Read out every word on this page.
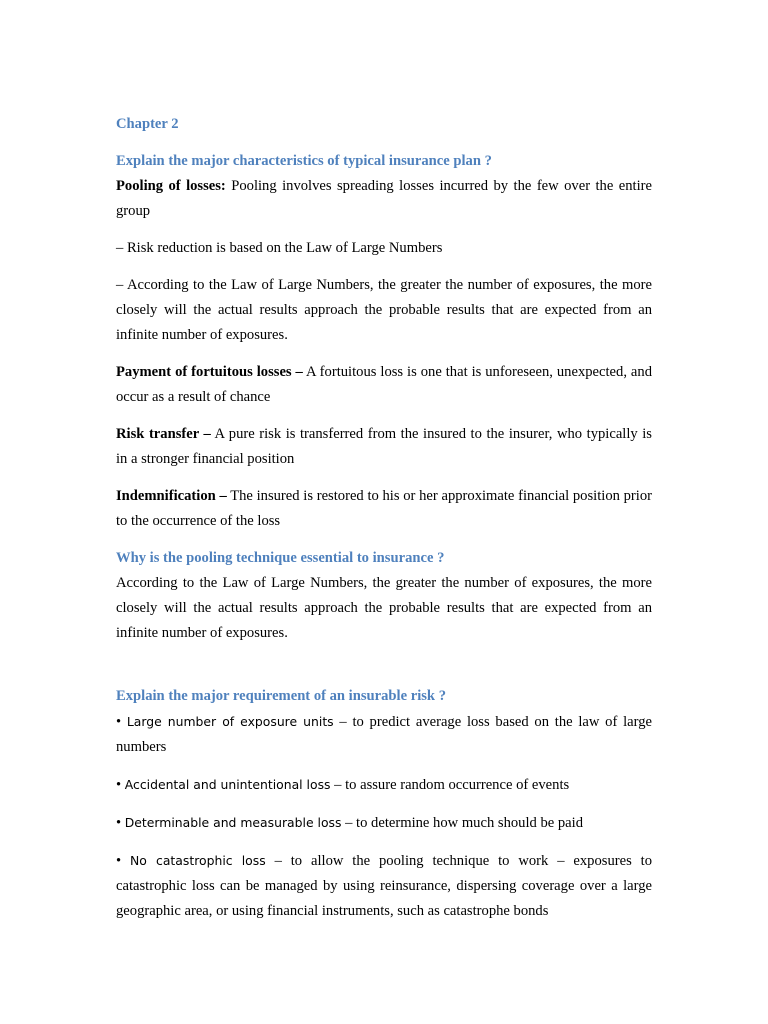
Chapter 2

Explain the major characteristics of typical insurance plan ?

Pooling of losses: Pooling involves spreading losses incurred by the few over the entire group

– Risk reduction is based on the Law of Large Numbers

– According to the Law of Large Numbers, the greater the number of exposures, the more closely will the actual results approach the probable results that are expected from an infinite number of exposures.

Payment of fortuitous losses – A fortuitous loss is one that is unforeseen, unexpected, and occur as a result of chance

Risk transfer – A pure risk is transferred from the insured to the insurer, who typically is in a stronger financial position

Indemnification – The insured is restored to his or her approximate financial position prior to the occurrence of the loss

Why is the pooling technique essential to insurance ?

According to the Law of Large Numbers, the greater the number of exposures, the more closely will the actual results approach the probable results that are expected from an infinite number of exposures.

Explain the major requirement of an insurable risk ?

• Large number of exposure units – to predict average loss based on the law of large numbers

• Accidental and unintentional loss – to assure random occurrence of events

• Determinable and measurable loss – to determine how much should be paid

• No catastrophic loss – to allow the pooling technique to work – exposures to catastrophic loss can be managed by using reinsurance, dispersing coverage over a large geographic area, or using financial instruments, such as catastrophe bonds
